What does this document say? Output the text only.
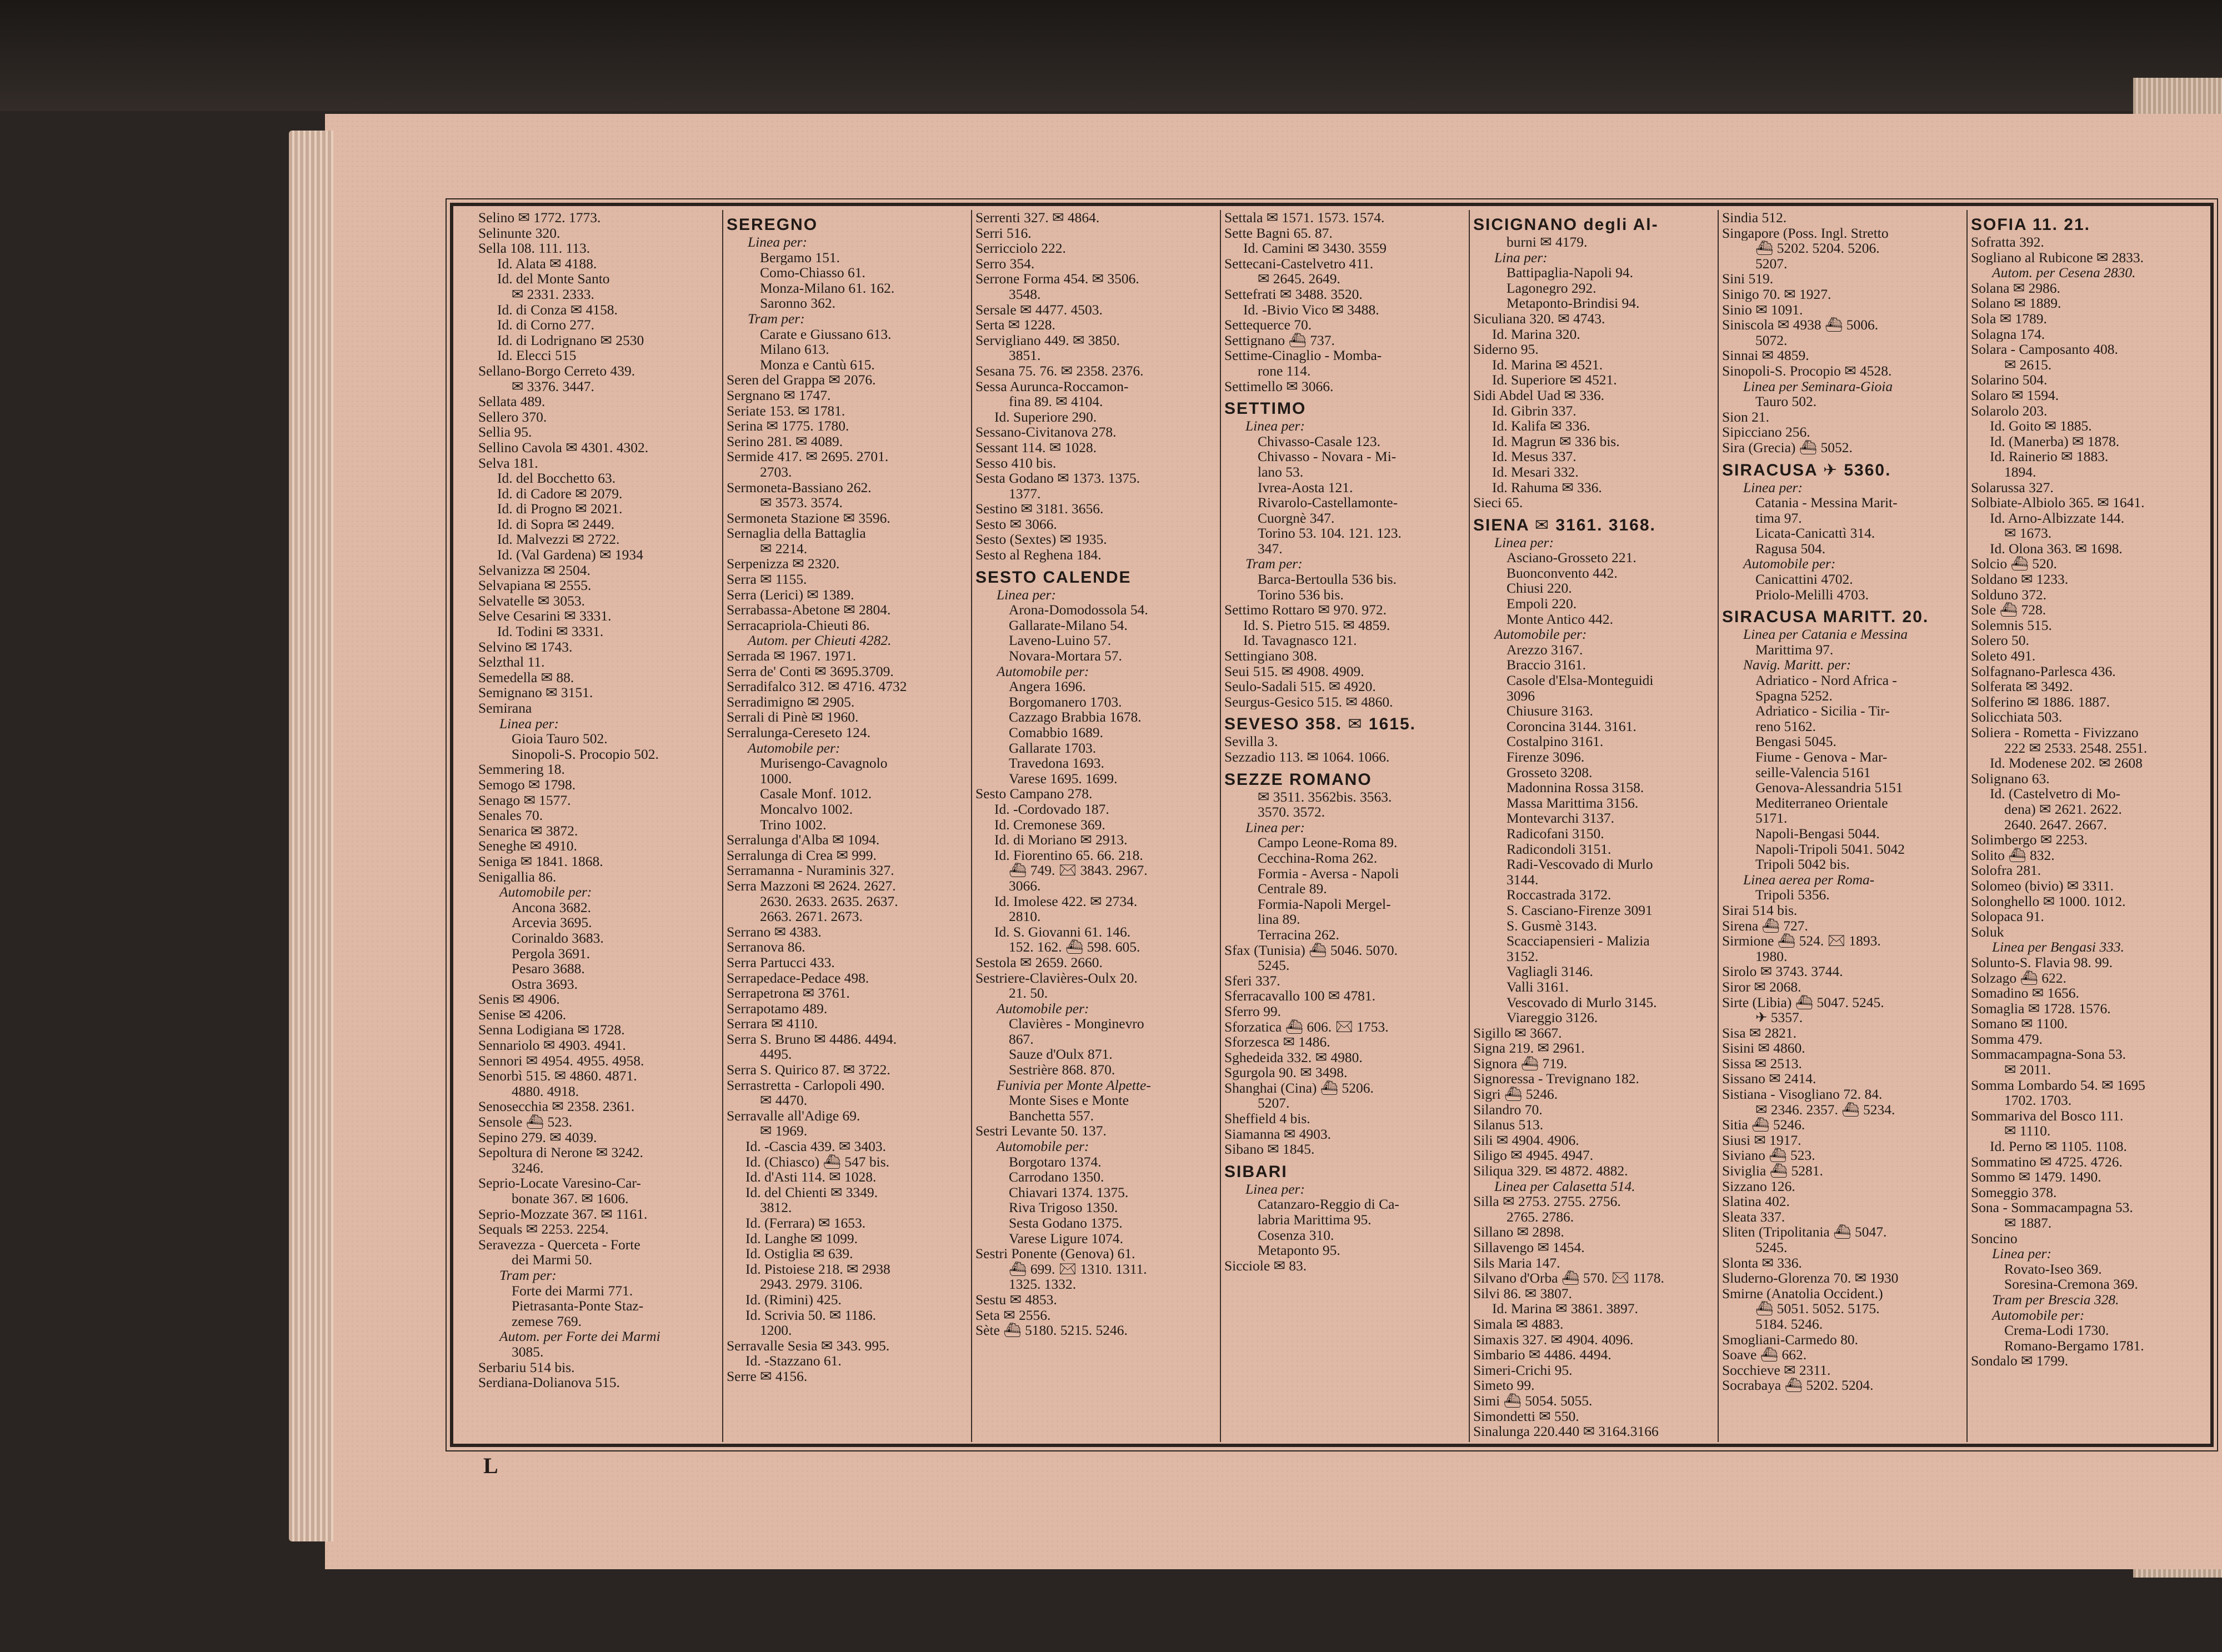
Selino ✉ 1772. 1773.
Selinunte 320.
Sella 108. 111. 113.
Id. Alata ✉ 4188.
Id. del Monte Santo
✉ 2331. 2333.
Id. di Conza ✉ 4158.
Id. di Corno 277.
Id. di Lodrignano ✉ 2530
Id. Elecci 515
Sellano-Borgo Cerreto 439.
✉ 3376. 3447.
Sellata 489.
Sellero 370.
Sellia 95.
Sellino Cavola ✉ 4301. 4302.
Selva 181.
Id. del Bocchetto 63.
Id. di Cadore ✉ 2079.
Id. di Progno ✉ 2021.
Id. di Sopra ✉ 2449.
Id. Malvezzi ✉ 2722.
Id. (Val Gardena) ✉ 1934
Selvanizza ✉ 2504.
Selvapiana ✉ 2555.
Selvatelle ✉ 3053.
Selve Cesarini ✉ 3331.
Id. Todini ✉ 3331.
Selvino ✉ 1743.
Selzthal 11.
Semedella ✉ 88.
Semignano ✉ 3151.
Semirana
Linea per:
Gioia Tauro 502.
Sinopoli-S. Procopio 502.
Semmering 18.
Semogo ✉ 1798.
Senago ✉ 1577.
Senales 70.
Senarica ✉ 3872.
Seneghe ✉ 4910.
Seniga ✉ 1841. 1868.
Senigallia 86.
Automobile per:
Ancona 3682.
Arcevia 3695.
Corinaldo 3683.
Pergola 3691.
Pesaro 3688.
Ostra 3693.
Senis ✉ 4906.
Senise ✉ 4206.
Senna Lodigiana ✉ 1728.
Sennariolo ✉ 4903. 4941.
Sennori ✉ 4954. 4955. 4958.
Senorbì 515. ✉ 4860. 4871.
4880. 4918.
Senosecchia ✉ 2358. 2361.
Sensole ⛴ 523.
Sepino 279. ✉ 4039.
Sepoltura di Nerone ✉ 3242.
3246.
Seprio-Locate Varesino-Car-
bonate 367. ✉ 1606.
Seprio-Mozzate 367. ✉ 1161.
Sequals ✉ 2253. 2254.
Seravezza - Querceta - Forte
dei Marmi 50.
Tram per:
Forte dei Marmi 771.
Pietrasanta-Ponte Staz-
zemese 769.
Autom. per Forte dei Marmi
3085.
Serbariu 514 bis.
Serdiana-Dolianova 515.
SEREGNO
Linea per:
Bergamo 151.
Como-Chiasso 61.
Monza-Milano 61. 162.
Saronno 362.
Tram per:
Carate e Giussano 613.
Milano 613.
Monza e Cantù 615.
Seren del Grappa ✉ 2076.
Sergnano ✉ 1747.
Seriate 153. ✉ 1781.
Serina ✉ 1775. 1780.
Serino 281. ✉ 4089.
Sermide 417. ✉ 2695. 2701.
2703.
Sermoneta-Bassiano 262.
✉ 3573. 3574.
Sermoneta Stazione ✉ 3596.
Sernaglia della Battaglia
✉ 2214.
Serpenizza ✉ 2320.
Serra ✉ 1155.
Serra (Lerici) ✉ 1389.
Serrabassa-Abetone ✉ 2804.
Serracapriola-Chieuti 86.
Autom. per Chieuti 4282.
Serrada ✉ 1967. 1971.
Serra de' Conti ✉ 3695.3709.
Serradifalco 312. ✉ 4716. 4732
Serradimigno ✉ 2905.
Serrali di Pinè ✉ 1960.
Serralunga-Cereseto 124.
Automobile per:
Murisengo-Cavagnolo
1000.
Casale Monf. 1012.
Moncalvo 1002.
Trino 1002.
Serralunga d'Alba ✉ 1094.
Serralunga di Crea ✉ 999.
Serramanna - Nuraminis 327.
Serra Mazzoni ✉ 2624. 2627.
2630. 2633. 2635. 2637.
2663. 2671. 2673.
Serrano ✉ 4383.
Serranova 86.
Serra Partucci 433.
Serrapedace-Pedace 498.
Serrapetrona ✉ 3761.
Serrapotamo 489.
Serrara ✉ 4110.
Serra S. Bruno ✉ 4486. 4494.
4495.
Serra S. Quirico 87. ✉ 3722.
Serrastretta - Carlopoli 490.
✉ 4470.
Serravalle all'Adige 69.
✉ 1969.
Id. -Cascia 439. ✉ 3403.
Id. (Chiasco) ⛴ 547 bis.
Id. d'Asti 114. ✉ 1028.
Id. del Chienti ✉ 3349.
3812.
Id. (Ferrara) ✉ 1653.
Id. Langhe ✉ 1099.
Id. Ostiglia ✉ 639.
Id. Pistoiese 218. ✉ 2938
2943. 2979. 3106.
Id. (Rimini) 425.
Id. Scrivia 50. ✉ 1186.
1200.
Serravalle Sesia ✉ 343. 995.
Id. -Stazzano 61.
Serre ✉ 4156.
Serrenti 327. ✉ 4864.
Serri 516.
Serricciolo 222.
Serro 354.
Serrone Forma 454. ✉ 3506.
3548.
Sersale ✉ 4477. 4503.
Serta ✉ 1228.
Servigliano 449. ✉ 3850.
3851.
Sesana 75. 76. ✉ 2358. 2376.
Sessa Aurunca-Roccamon-
fina 89. ✉ 4104.
Id. Superiore 290.
Sessano-Civitanova 278.
Sessant 114. ✉ 1028.
Sesso 410 bis.
Sesta Godano ✉ 1373. 1375.
1377.
Sestino ✉ 3181. 3656.
Sesto ✉ 3066.
Sesto (Sextes) ✉ 1935.
Sesto al Reghena 184.
SESTO CALENDE
Linea per:
Arona-Domodossola 54.
Gallarate-Milano 54.
Laveno-Luino 57.
Novara-Mortara 57.
Automobile per:
Angera 1696.
Borgomanero 1703.
Cazzago Brabbia 1678.
Comabbio 1689.
Gallarate 1703.
Travedona 1693.
Varese 1695. 1699.
Sesto Campano 278.
Id. -Cordovado 187.
Id. Cremonese 369.
Id. di Moriano ✉ 2913.
Id. Fiorentino 65. 66. 218.
⛴ 749. ✉ 3843. 2967.
3066.
Id. Imolese 422. ✉ 2734.
2810.
Id. S. Giovanni 61. 146.
152. 162. ⛴ 598. 605.
Sestola ✉ 2659. 2660.
Sestriere-Clavières-Oulx 20.
21. 50.
Automobile per:
Clavières - Monginevro
867.
Sauze d'Oulx 871.
Sestrière 868. 870.
Funivia per Monte Alpette-
Monte Sises e Monte
Banchetta 557.
Sestri Levante 50. 137.
Automobile per:
Borgotaro 1374.
Carrodano 1350.
Chiavari 1374. 1375.
Riva Trigoso 1350.
Sesta Godano 1375.
Varese Ligure 1074.
Sestri Ponente (Genova) 61.
⛴ 699. ✉ 1310. 1311.
1325. 1332.
Sestu ✉ 4853.
Seta ✉ 2556.
Sète ⛴ 5180. 5215. 5246.
Settala ✉ 1571. 1573. 1574.
Sette Bagni 65. 87.
Id. Camini ✉ 3430. 3559
Settecani-Castelvetro 411.
✉ 2645. 2649.
Settefrati ✉ 3488. 3520.
Id. -Bivio Vico ✉ 3488.
Settequerce 70.
Settignano ⛴ 737.
Settime-Cinaglio - Momba-
rone 114.
Settimello ✉ 3066.
SETTIMO
Linea per:
Chivasso-Casale 123.
Chivasso - Novara - Mi-
lano 53.
Ivrea-Aosta 121.
Rivarolo-Castellamonte-
Cuorgnè 347.
Torino 53. 104. 121. 123.
347.
Tram per:
Barca-Bertoulla 536 bis.
Torino 536 bis.
Settimo Rottaro ✉ 970. 972.
Id. S. Pietro 515. ✉ 4859.
Id. Tavagnasco 121.
Settingiano 308.
Seui 515. ✉ 4908. 4909.
Seulo-Sadali 515. ✉ 4920.
Seurgus-Gesico 515. ✉ 4860.
SEVESO 358. ✉ 1615.
Sevilla 3.
Sezzadio 113. ✉ 1064. 1066.
SEZZE ROMANO
✉ 3511. 3562bis. 3563.
3570. 3572.
Linea per:
Campo Leone-Roma 89.
Cecchina-Roma 262.
Formia - Aversa - Napoli
Centrale 89.
Formia-Napoli Mergel-
lina 89.
Terracina 262.
Sfax (Tunisia) ⛴ 5046. 5070.
5245.
Sferi 337.
Sferracavallo 100 ✉ 4781.
Sferro 99.
Sforzatica ⛴ 606. ✉ 1753.
Sforzesca ✉ 1486.
Sghedeida 332. ✉ 4980.
Sgurgola 90. ✉ 3498.
Shanghai (Cina) ⛴ 5206.
5207.
Sheffield 4 bis.
Siamanna ✉ 4903.
Sibano ✉ 1845.
SIBARI
Linea per:
Catanzaro-Reggio di Ca-
labria Marittima 95.
Cosenza 310.
Metaponto 95.
Sicciole ✉ 83.
SICIGNANO degli Al-
burni ✉ 4179.
Lina per:
Battipaglia-Napoli 94.
Lagonegro 292.
Metaponto-Brindisi 94.
Siculiana 320. ✉ 4743.
Id. Marina 320.
Siderno 95.
Id. Marina ✉ 4521.
Id. Superiore ✉ 4521.
Sidi Abdel Uad ✉ 336.
Id. Gibrin 337.
Id. Kalifa ✉ 336.
Id. Magrun ✉ 336 bis.
Id. Mesus 337.
Id. Mesari 332.
Id. Rahuma ✉ 336.
Sieci 65.
SIENA ✉ 3161. 3168.
Linea per:
Asciano-Grosseto 221.
Buonconvento 442.
Chiusi 220.
Empoli 220.
Monte Antico 442.
Automobile per:
Arezzo 3167.
Braccio 3161.
Casole d'Elsa-Monteguidi
3096
Chiusure 3163.
Coroncina 3144. 3161.
Costalpino 3161.
Firenze 3096.
Grosseto 3208.
Madonnina Rossa 3158.
Massa Marittima 3156.
Montevarchi 3137.
Radicofani 3150.
Radicondoli 3151.
Radi-Vescovado di Murlo
3144.
Roccastrada 3172.
S. Casciano-Firenze 3091
S. Gusmè 3143.
Scacciapensieri - Malizia
3152.
Vagliagli 3146.
Valli 3161.
Vescovado di Murlo 3145.
Viareggio 3126.
Sigillo ✉ 3667.
Signa 219. ✉ 2961.
Signora ⛴ 719.
Signoressa - Trevignano 182.
Sigri ⛴ 5246.
Silandro 70.
Silanus 513.
Sili ✉ 4904. 4906.
Siligo ✉ 4945. 4947.
Siliqua 329. ✉ 4872. 4882.
Linea per Calasetta 514.
Silla ✉ 2753. 2755. 2756.
2765. 2786.
Sillano ✉ 2898.
Sillavengo ✉ 1454.
Sils Maria 147.
Silvano d'Orba ⛴ 570. ✉ 1178.
Silvi 86. ✉ 3807.
Id. Marina ✉ 3861. 3897.
Simala ✉ 4883.
Simaxis 327. ✉ 4904. 4096.
Simbario ✉ 4486. 4494.
Simeri-Crichi 95.
Simeto 99.
Simi ⛴ 5054. 5055.
Simondetti ✉ 550.
Sinalunga 220.440 ✉ 3164.3166
Sindia 512.
Singapore (Poss. Ingl. Stretto
⛴ 5202. 5204. 5206.
5207.
Sini 519.
Sinigo 70. ✉ 1927.
Sinio ✉ 1091.
Siniscola ✉ 4938 ⛴ 5006.
5072.
Sinnai ✉ 4859.
Sinopoli-S. Procopio ✉ 4528.
Linea per Seminara-Gioia
Tauro 502.
Sion 21.
Sipicciano 256.
Sira (Grecia) ⛴ 5052.
SIRACUSA ✈ 5360.
Linea per:
Catania - Messina Marit-
tima 97.
Licata-Canicattì 314.
Ragusa 504.
Automobile per:
Canicattini 4702.
Priolo-Melilli 4703.
SIRACUSA MARITT. 20.
Linea per Catania e Messina
Marittima 97.
Navig. Maritt. per:
Adriatico - Nord Africa -
Spagna 5252.
Adriatico - Sicilia - Tir-
reno 5162.
Bengasi 5045.
Fiume - Genova - Mar-
seille-Valencia 5161
Genova-Alessandria 5151
Mediterraneo Orientale
5171.
Napoli-Bengasi 5044.
Napoli-Tripoli 5041. 5042
Tripoli 5042 bis.
Linea aerea per Roma-
Tripoli 5356.
Sirai 514 bis.
Sirena ⛴ 727.
Sirmione ⛴ 524. ✉ 1893.
1980.
Sirolo ✉ 3743. 3744.
Siror ✉ 2068.
Sirte (Libia) ⛴ 5047. 5245.
✈ 5357.
Sisa ✉ 2821.
Sisini ✉ 4860.
Sissa ✉ 2513.
Sissano ✉ 2414.
Sistiana - Visogliano 72. 84.
✉ 2346. 2357. ⛴ 5234.
Sitia ⛴ 5246.
Siusi ✉ 1917.
Siviano ⛴ 523.
Siviglia ⛴ 5281.
Sizzano 126.
Slatina 402.
Sleata 337.
Sliten (Tripolitania ⛴ 5047.
5245.
Slonta ✉ 336.
Sluderno-Glorenza 70. ✉ 1930
Smirne (Anatolia Occident.)
⛴ 5051. 5052. 5175.
5184. 5246.
Smogliani-Carmedo 80.
Soave ⛴ 662.
Socchieve ✉ 2311.
Socrabaya ⛴ 5202. 5204.
SOFIA 11. 21.
Sofratta 392.
Sogliano al Rubicone ✉ 2833.
Autom. per Cesena 2830.
Solana ✉ 2986.
Solano ✉ 1889.
Sola ✉ 1789.
Solagna 174.
Solara - Camposanto 408.
✉ 2615.
Solarino 504.
Solaro ✉ 1594.
Solarolo 203.
Id. Goito ✉ 1885.
Id. (Manerba) ✉ 1878.
Id. Rainerio ✉ 1883.
1894.
Solarussa 327.
Solbiate-Albiolo 365. ✉ 1641.
Id. Arno-Albizzate 144.
✉ 1673.
Id. Olona 363. ✉ 1698.
Solcio ⛴ 520.
Soldano ✉ 1233.
Solduno 372.
Sole ⛴ 728.
Solemnis 515.
Solero 50.
Soleto 491.
Solfagnano-Parlesca 436.
Solferata ✉ 3492.
Solferino ✉ 1886. 1887.
Solicchiata 503.
Soliera - Rometta - Fivizzano
222 ✉ 2533. 2548. 2551.
Id. Modenese 202. ✉ 2608
Solignano 63.
Id. (Castelvetro di Mo-
dena) ✉ 2621. 2622.
2640. 2647. 2667.
Solimbergo ✉ 2253.
Solito ⛴ 832.
Solofra 281.
Solomeo (bivio) ✉ 3311.
Solonghello ✉ 1000. 1012.
Solopaca 91.
Soluk
Linea per Bengasi 333.
Solunto-S. Flavia 98. 99.
Solzago ⛴ 622.
Somadino ✉ 1656.
Somaglia ✉ 1728. 1576.
Somano ✉ 1100.
Somma 479.
Sommacampagna-Sona 53.
✉ 2011.
Somma Lombardo 54. ✉ 1695
1702. 1703.
Sommariva del Bosco 111.
✉ 1110.
Id. Perno ✉ 1105. 1108.
Sommatino ✉ 4725. 4726.
Sommo ✉ 1479. 1490.
Someggio 378.
Sona - Sommacampagna 53.
✉ 1887.
Soncino
Linea per:
Rovato-Iseo 369.
Soresina-Cremona 369.
Tram per Brescia 328.
Automobile per:
Crema-Lodi 1730.
Romano-Bergamo 1781.
Sondalo ✉ 1799.
L
